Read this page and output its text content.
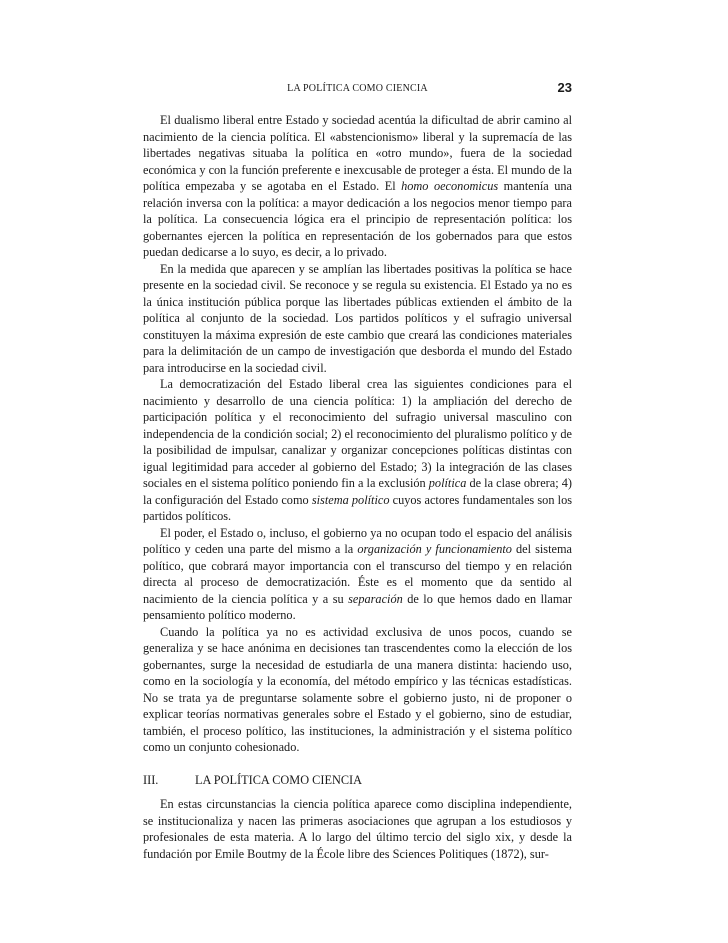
LA POLÍTICA COMO CIENCIA	23

El dualismo liberal entre Estado y sociedad acentúa la dificultad de abrir camino al nacimiento de la ciencia política. El «abstencionismo» liberal y la supremacía de las libertades negativas situaba la política en «otro mundo», fuera de la sociedad económica y con la función preferente e inexcusable de proteger a ésta. El mundo de la política empezaba y se agotaba en el Estado. El homo oeconomicus mantenía una relación inversa con la política: a mayor dedicación a los negocios menor tiempo para la política. La consecuencia lógica era el principio de representación política: los gobernantes ejercen la política en representación de los gobernados para que estos puedan dedicarse a lo suyo, es decir, a lo privado.

En la medida que aparecen y se amplían las libertades positivas la política se hace presente en la sociedad civil. Se reconoce y se regula su existencia. El Estado ya no es la única institución pública porque las libertades públicas extienden el ámbito de la política al conjunto de la sociedad. Los partidos políticos y el sufragio universal constituyen la máxima expresión de este cambio que creará las condiciones materiales para la delimitación de un campo de investigación que desborda el mundo del Estado para introducirse en la sociedad civil.

La democratización del Estado liberal crea las siguientes condiciones para el nacimiento y desarrollo de una ciencia política: 1) la ampliación del derecho de participación política y el reconocimiento del sufragio universal masculino con independencia de la condición social; 2) el reconocimiento del pluralismo político y de la posibilidad de impulsar, canalizar y organizar concepciones políticas distintas con igual legitimidad para acceder al gobierno del Estado; 3) la integración de las clases sociales en el sistema político poniendo fin a la exclusión política de la clase obrera; 4) la configuración del Estado como sistema político cuyos actores fundamentales son los partidos políticos.

El poder, el Estado o, incluso, el gobierno ya no ocupan todo el espacio del análisis político y ceden una parte del mismo a la organización y funcionamiento del sistema político, que cobrará mayor importancia con el transcurso del tiempo y en relación directa al proceso de democratización. Éste es el momento que da sentido al nacimiento de la ciencia política y a su separación de lo que hemos dado en llamar pensamiento político moderno.

Cuando la política ya no es actividad exclusiva de unos pocos, cuando se generaliza y se hace anónima en decisiones tan trascendentes como la elección de los gobernantes, surge la necesidad de estudiarla de una manera distinta: haciendo uso, como en la sociología y la economía, del método empírico y las técnicas estadísticas. No se trata ya de preguntarse solamente sobre el gobierno justo, ni de proponer o explicar teorías normativas generales sobre el Estado y el gobierno, sino de estudiar, también, el proceso político, las instituciones, la administración y el sistema político como un conjunto cohesionado.

III.	LA POLÍTICA COMO CIENCIA

En estas circunstancias la ciencia política aparece como disciplina independiente, se institucionaliza y nacen las primeras asociaciones que agrupan a los estudiosos y profesionales de esta materia. A lo largo del último tercio del siglo xix, y desde la fundación por Emile Boutmy de la École libre des Sciences Politiques (1872), sur-
